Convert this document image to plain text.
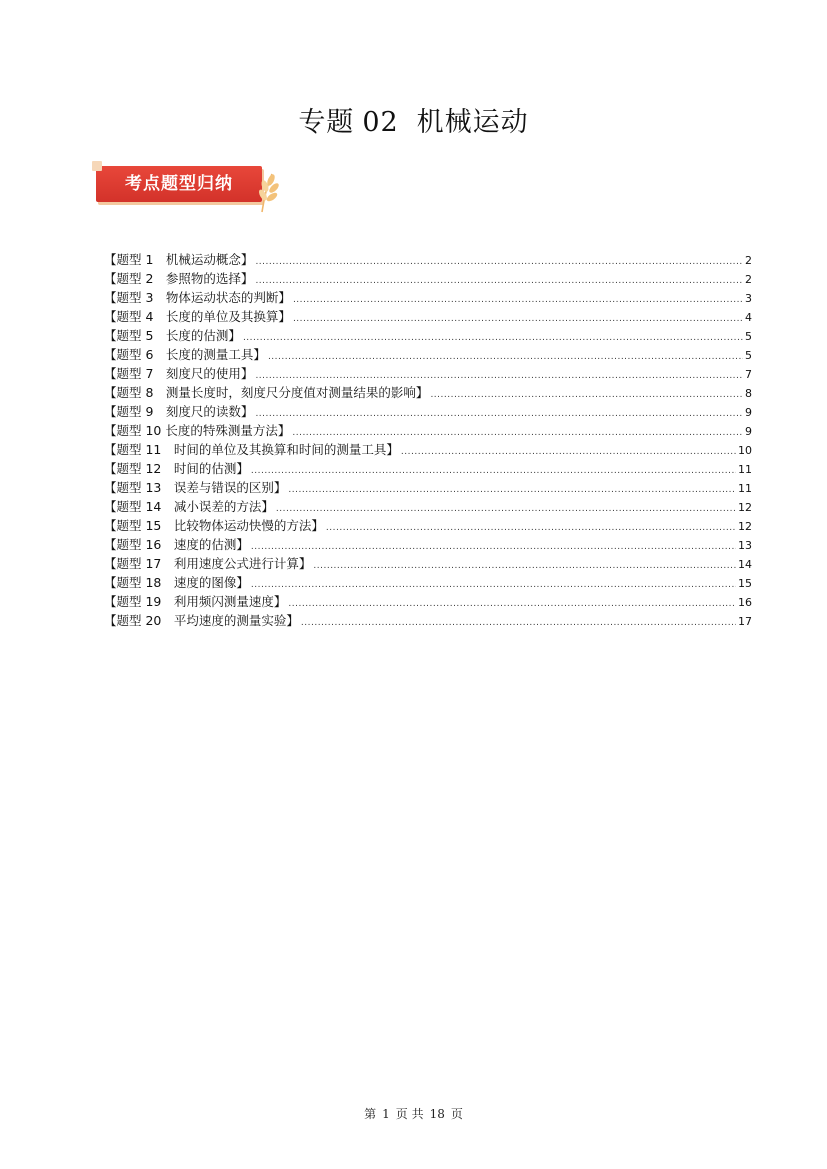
专题 02 机械运动
考点题型归纳
【题型 1　机械运动概念】 .....	2
【题型 2　参照物的选择】 .....	2
【题型 3　物体运动状态的判断】 .....	3
【题型 4　长度的单位及其换算】 .....	4
【题型 5　长度的估测】 .....	5
【题型 6　长度的测量工具】 .....	5
【题型 7　刻度尺的使用】 .....	7
【题型 8　测量长度时，刻度尺分度值对测量结果的影响】 .....	8
【题型 9　刻度尺的读数】 .....	9
【题型 10 长度的特殊测量方法】 .....	9
【题型 11　时间的单位及其换算和时间的测量工具】 .....	10
【题型 12　时间的估测】 .....	11
【题型 13　误差与错误的区别】 .....	11
【题型 14　减小误差的方法】 .....	12
【题型 15　比较物体运动快慢的方法】 .....	12
【题型 16　速度的估测】 .....	13
【题型 17　利用速度公式进行计算】 .....	14
【题型 18　速度的图像】 .....	15
【题型 19　利用频闪测量速度】 .....	16
【题型 20　平均速度的测量实验】 .....	17
第 1 页 共 18 页
